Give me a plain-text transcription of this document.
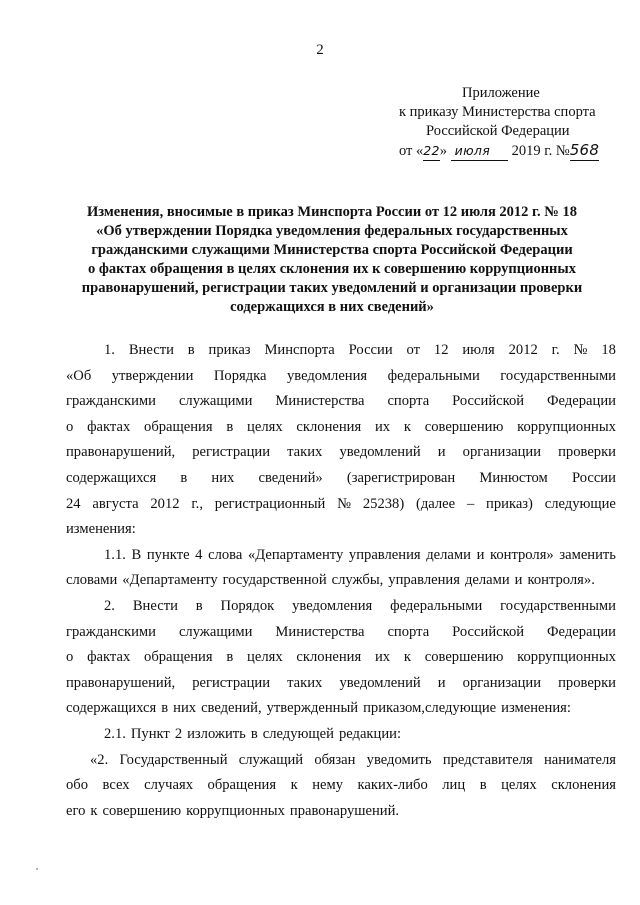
2
Приложение
к приказу Министерства спорта
Российской Федерации
от «22» июля 2019 г. №568
Изменения, вносимые в приказ Минспорта России от 12 июля 2012 г. № 18
«Об утверждении Порядка уведомления федеральных государственных
гражданскими служащими Министерства спорта Российской Федерации
о фактах обращения в целях склонения их к совершению коррупционных
правонарушений, регистрации таких уведомлений и организации проверки
содержащихся в них сведений»
1. Внести в приказ Минспорта России от 12 июля 2012 г. № 18
«Об утверждении Порядка уведомления федеральными государственными
гражданскими служащими Министерства спорта Российской Федерации
о фактах обращения в целях склонения их к совершению коррупционных
правонарушений, регистрации таких уведомлений и организации проверки
содержащихся в них сведений» (зарегистрирован Минюстом России
24 августа 2012 г., регистрационный № 25238) (далее – приказ) следующие
изменения:
1.1. В пункте 4 слова «Департаменту управления делами и контроля» заменить
словами «Департаменту государственной службы, управления делами и контроля».
2. Внести в Порядок уведомления федеральными государственными
гражданскими служащими Министерства спорта Российской Федерации
о фактах обращения в целях склонения их к совершению коррупционных
правонарушений, регистрации таких уведомлений и организации проверки
содержащихся в них сведений, утвержденный приказом,следующие изменения:
2.1. Пункт 2 изложить в следующей редакции:
«2. Государственный служащий обязан уведомить представителя нанимателя
обо всех случаях обращения к нему каких-либо лиц в целях склонения
его к совершению коррупционных правонарушений.
